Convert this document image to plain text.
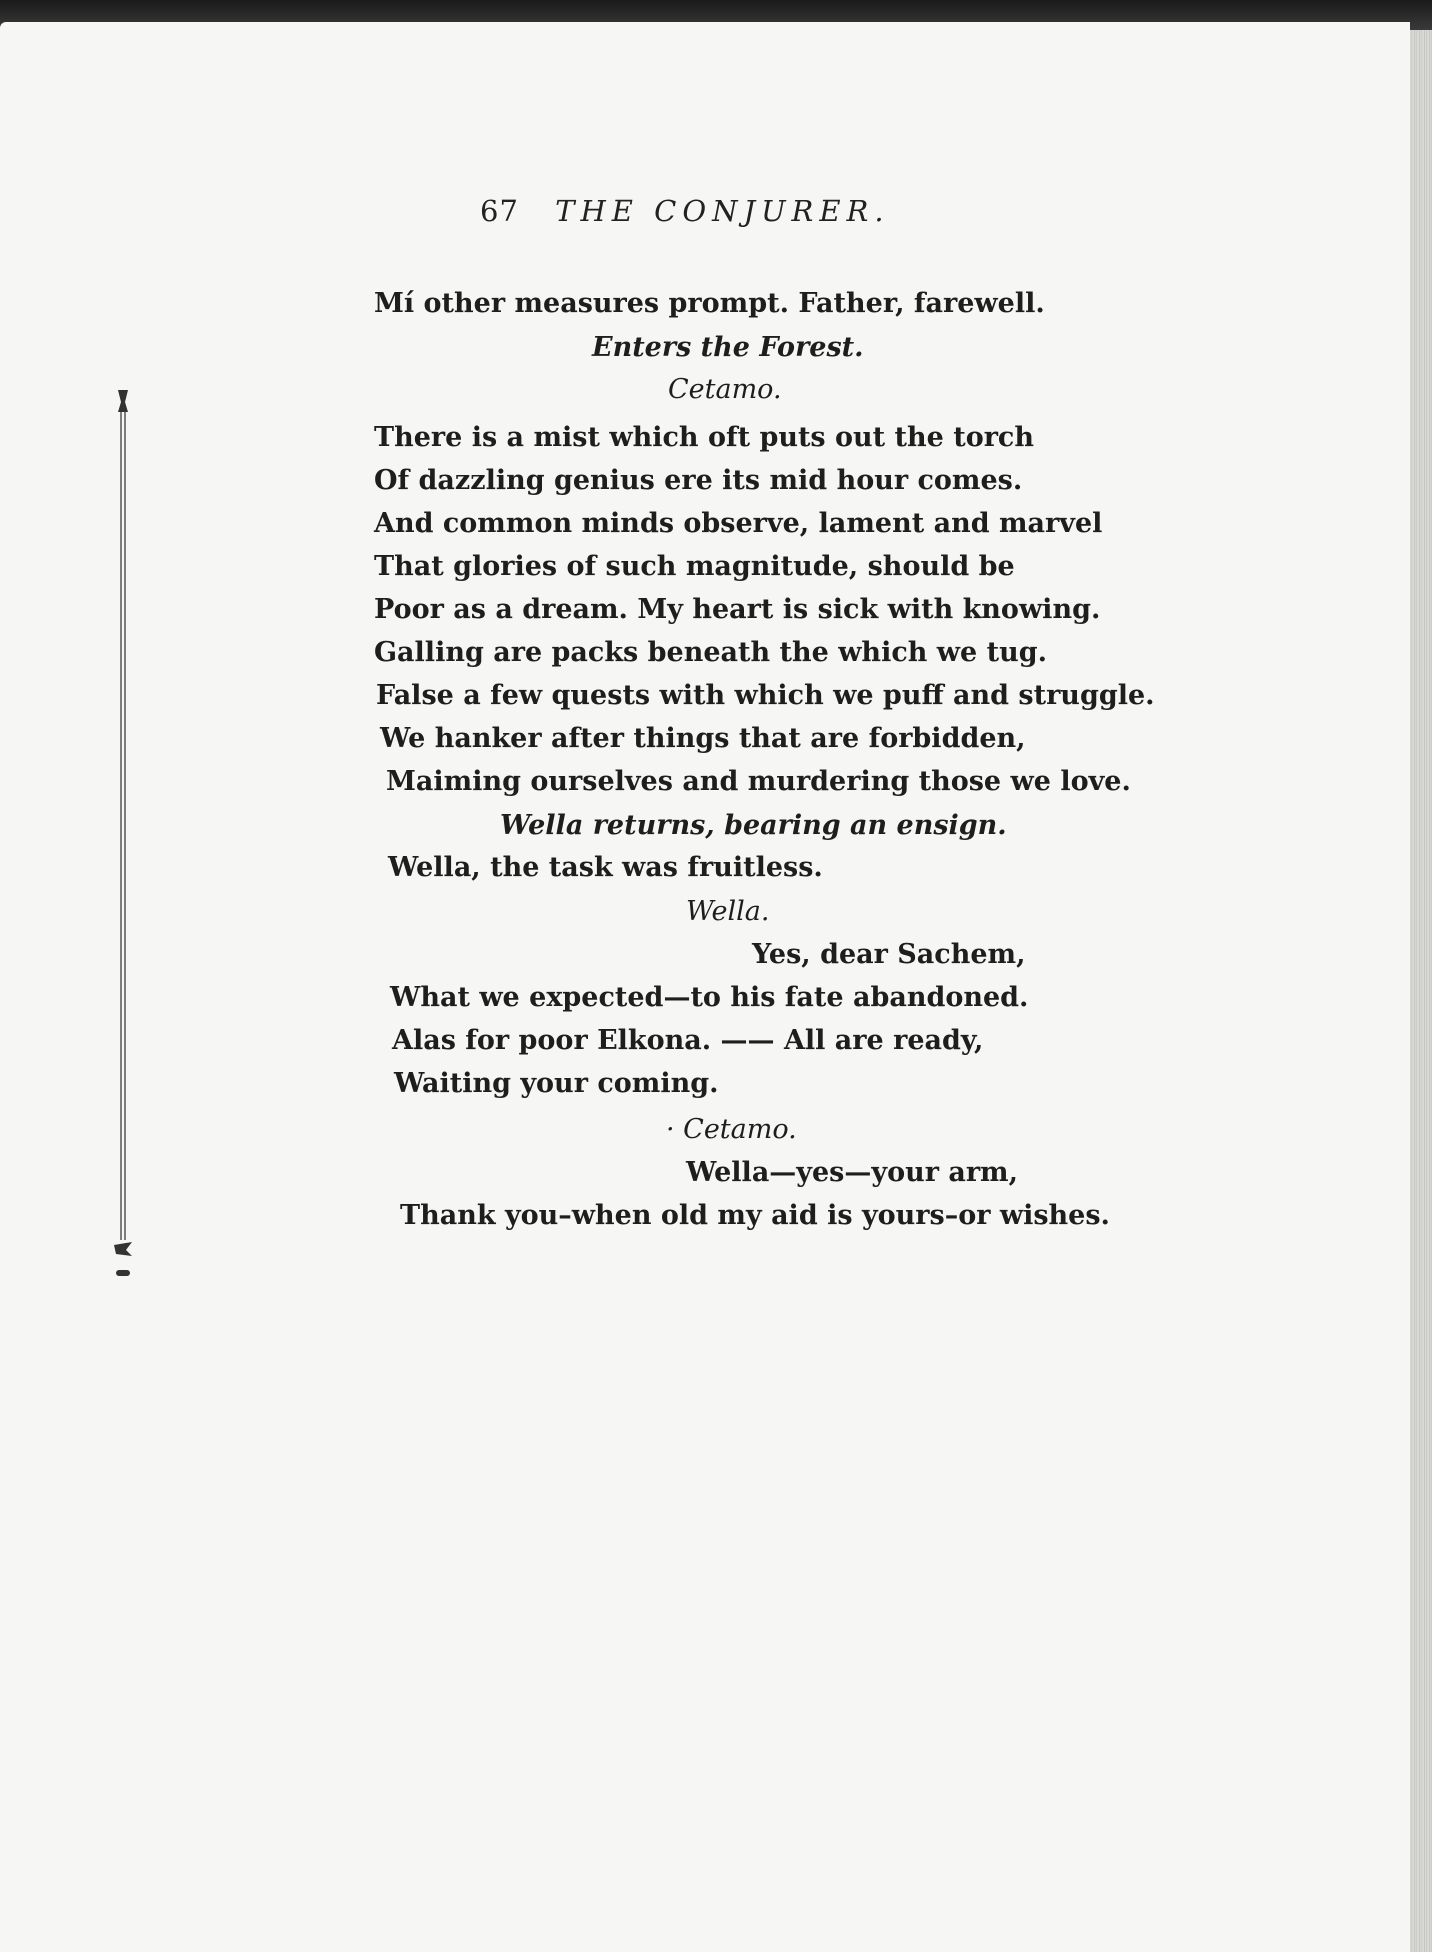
67 THE CONJURER.
Mí other measures prompt. Father, farewell.
Enters the Forest.
Cetamo.
There is a mist which oft puts out the torch
Of dazzling genius ere its mid hour comes.
And common minds observe, lament and marvel
That glories of such magnitude, should be
Poor as a dream. My heart is sick with knowing.
Galling are packs beneath the which we tug.
False a few quests with which we puff and struggle.
We hanker after things that are forbidden,
Maiming ourselves and murdering those we love.
Wella returns, bearing an ensign.
Wella, the task was fruitless.
Wella.
Yes, dear Sachem,
What we expected—to his fate abandoned.
Alas for poor Elkona. —— All are ready,
Waiting your coming.
· Cetamo.
Wella—yes—your arm,
Thank you–when old my aid is yours–or wishes.
